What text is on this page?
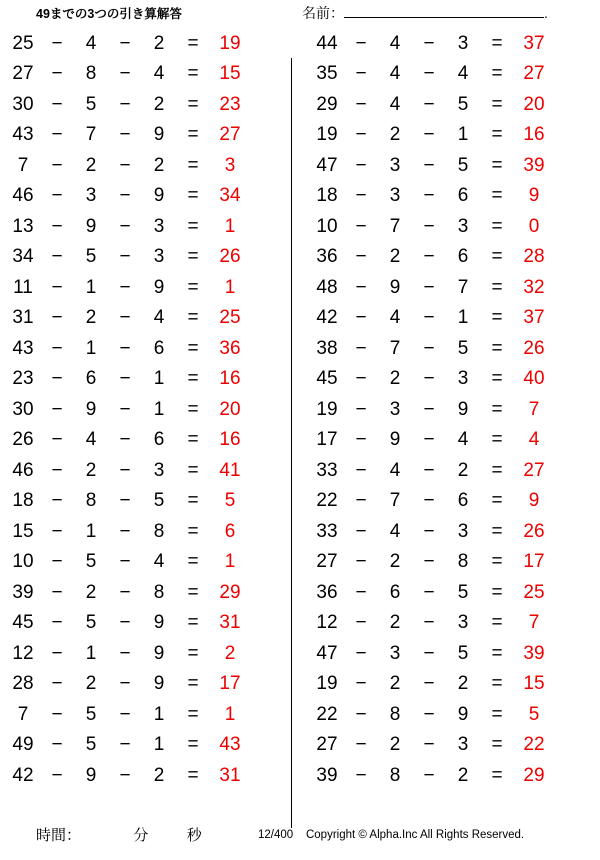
49までの3つの引き算解答	名前：	.
25 −	4	−	2	=	19
27 −	8	−	4	=	15
30 −	5	−	2	=	23
43 −	7	−	9	=	27
7	−	2	−	2	=	3
46 −	3	−	9	=	34
13 −	9	−	3	=	1
34 −	5	−	3	=	26
11 −	1	−	9	=	1
31 −	2	−	4	=	25
43 −	1	−	6	=	36
23 −	6	−	1	=	16
30 −	9	−	1	=	20
26 −	4	−	6	=	16
46 −	2	−	3	=	41
18 −	8	−	5	=	5
15 −	1	−	8	=	6
10 −	5	−	4	=	1
39 −	2	−	8	=	29
45 −	5	−	9	=	31
12 −	1	−	9	=	2
28 −	2	−	9	=	17
7	−	5	−	1	=	1
49 −	5	−	1	=	43
42 −	9	−	2	=	31
44 −	4	−	3	=	37
35 −	4	−	4	=	27
29 −	4	−	5	=	20
19 −	2	−	1	=	16
47 −	3	−	5	=	39
18 −	3	−	6	=	9
10 −	7	−	3	=	0
36 −	2	−	6	=	28
48 −	9	−	7	=	32
42 −	4	−	1	=	37
38 −	7	−	5	=	26
45 −	2	−	3	=	40
19 −	3	−	9	=	7
17 −	9	−	4	=	4
33 −	4	−	2	=	27
22 −	7	−	6	=	9
33 −	4	−	3	=	26
27 −	2	−	8	=	17
36 −	6	−	5	=	25
12 −	2	−	3	=	7
47 −	3	−	5	=	39
19 −	2	−	2	=	15
22 −	8	−	9	=	5
27 −	2	−	3	=	22
39 −	8	−	2	=	29
時間：	分	秒	12/400 Copyright © Alpha.Inc All Rights Reserved.
